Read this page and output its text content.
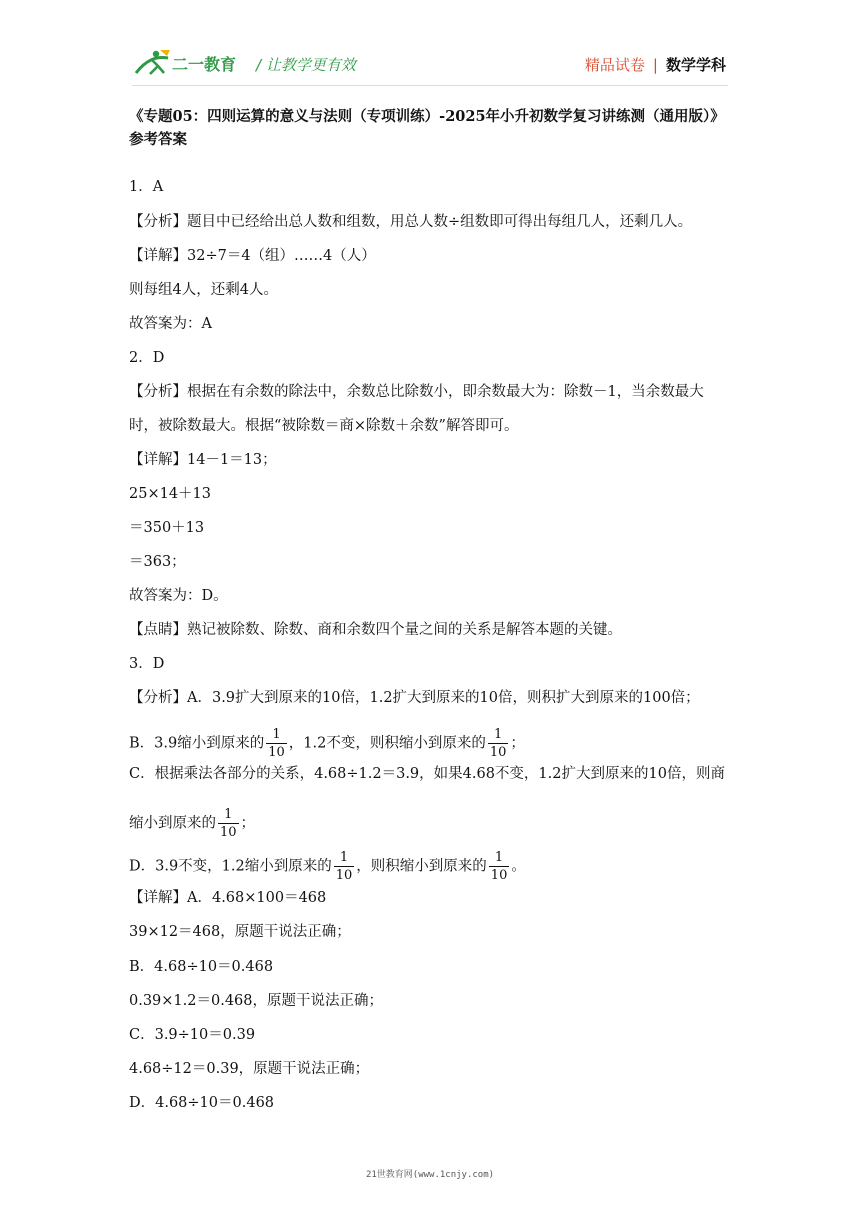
二一教育 / 让教学更有效	精品试卷 | 数学学科
《专题05：四则运算的意义与法则（专项训练）-2025年小升初数学复习讲练测（通用版）》
参考答案
1．A
【分析】题目中已经给出总人数和组数，用总人数÷组数即可得出每组几人，还剩几人。
【详解】32÷7＝4（组）……4（人）
则每组4人，还剩4人。
故答案为：A
2．D
【分析】根据在有余数的除法中，余数总比除数小，即余数最大为：除数－1，当余数最大
时，被除数最大。根据“被除数＝商×除数＋余数”解答即可。
【详解】14－1＝13；
25×14＋13
＝350＋13
＝363；
故答案为：D。
【点睛】熟记被除数、除数、商和余数四个量之间的关系是解答本题的关键。
3．D
【分析】A．3.9扩大到原来的10倍，1.2扩大到原来的10倍，则积扩大到原来的100倍；
B．3.9缩小到原来的 $\frac{1}{10}$ ，1.2不变，则积缩小到原来的 $\frac{1}{10}$ ；
C．根据乘法各部分的关系，4.68÷1.2＝3.9，如果4.68不变，1.2扩大到原来的10倍，则商
缩小到原来的 $\frac{1}{10}$ ；
D．3.9不变，1.2缩小到原来的 $\frac{1}{10}$ ，则积缩小到原来的 $\frac{1}{10}$ 。
【详解】A．4.68×100＝468
39×12＝468，原题干说法正确；
B．4.68÷10＝0.468
0.39×1.2＝0.468，原题干说法正确；
C．3.9÷10＝0.39
4.68÷12＝0.39，原题干说法正确；
D．4.68÷10＝0.468
21世教育网(www.1cnjy.com)
